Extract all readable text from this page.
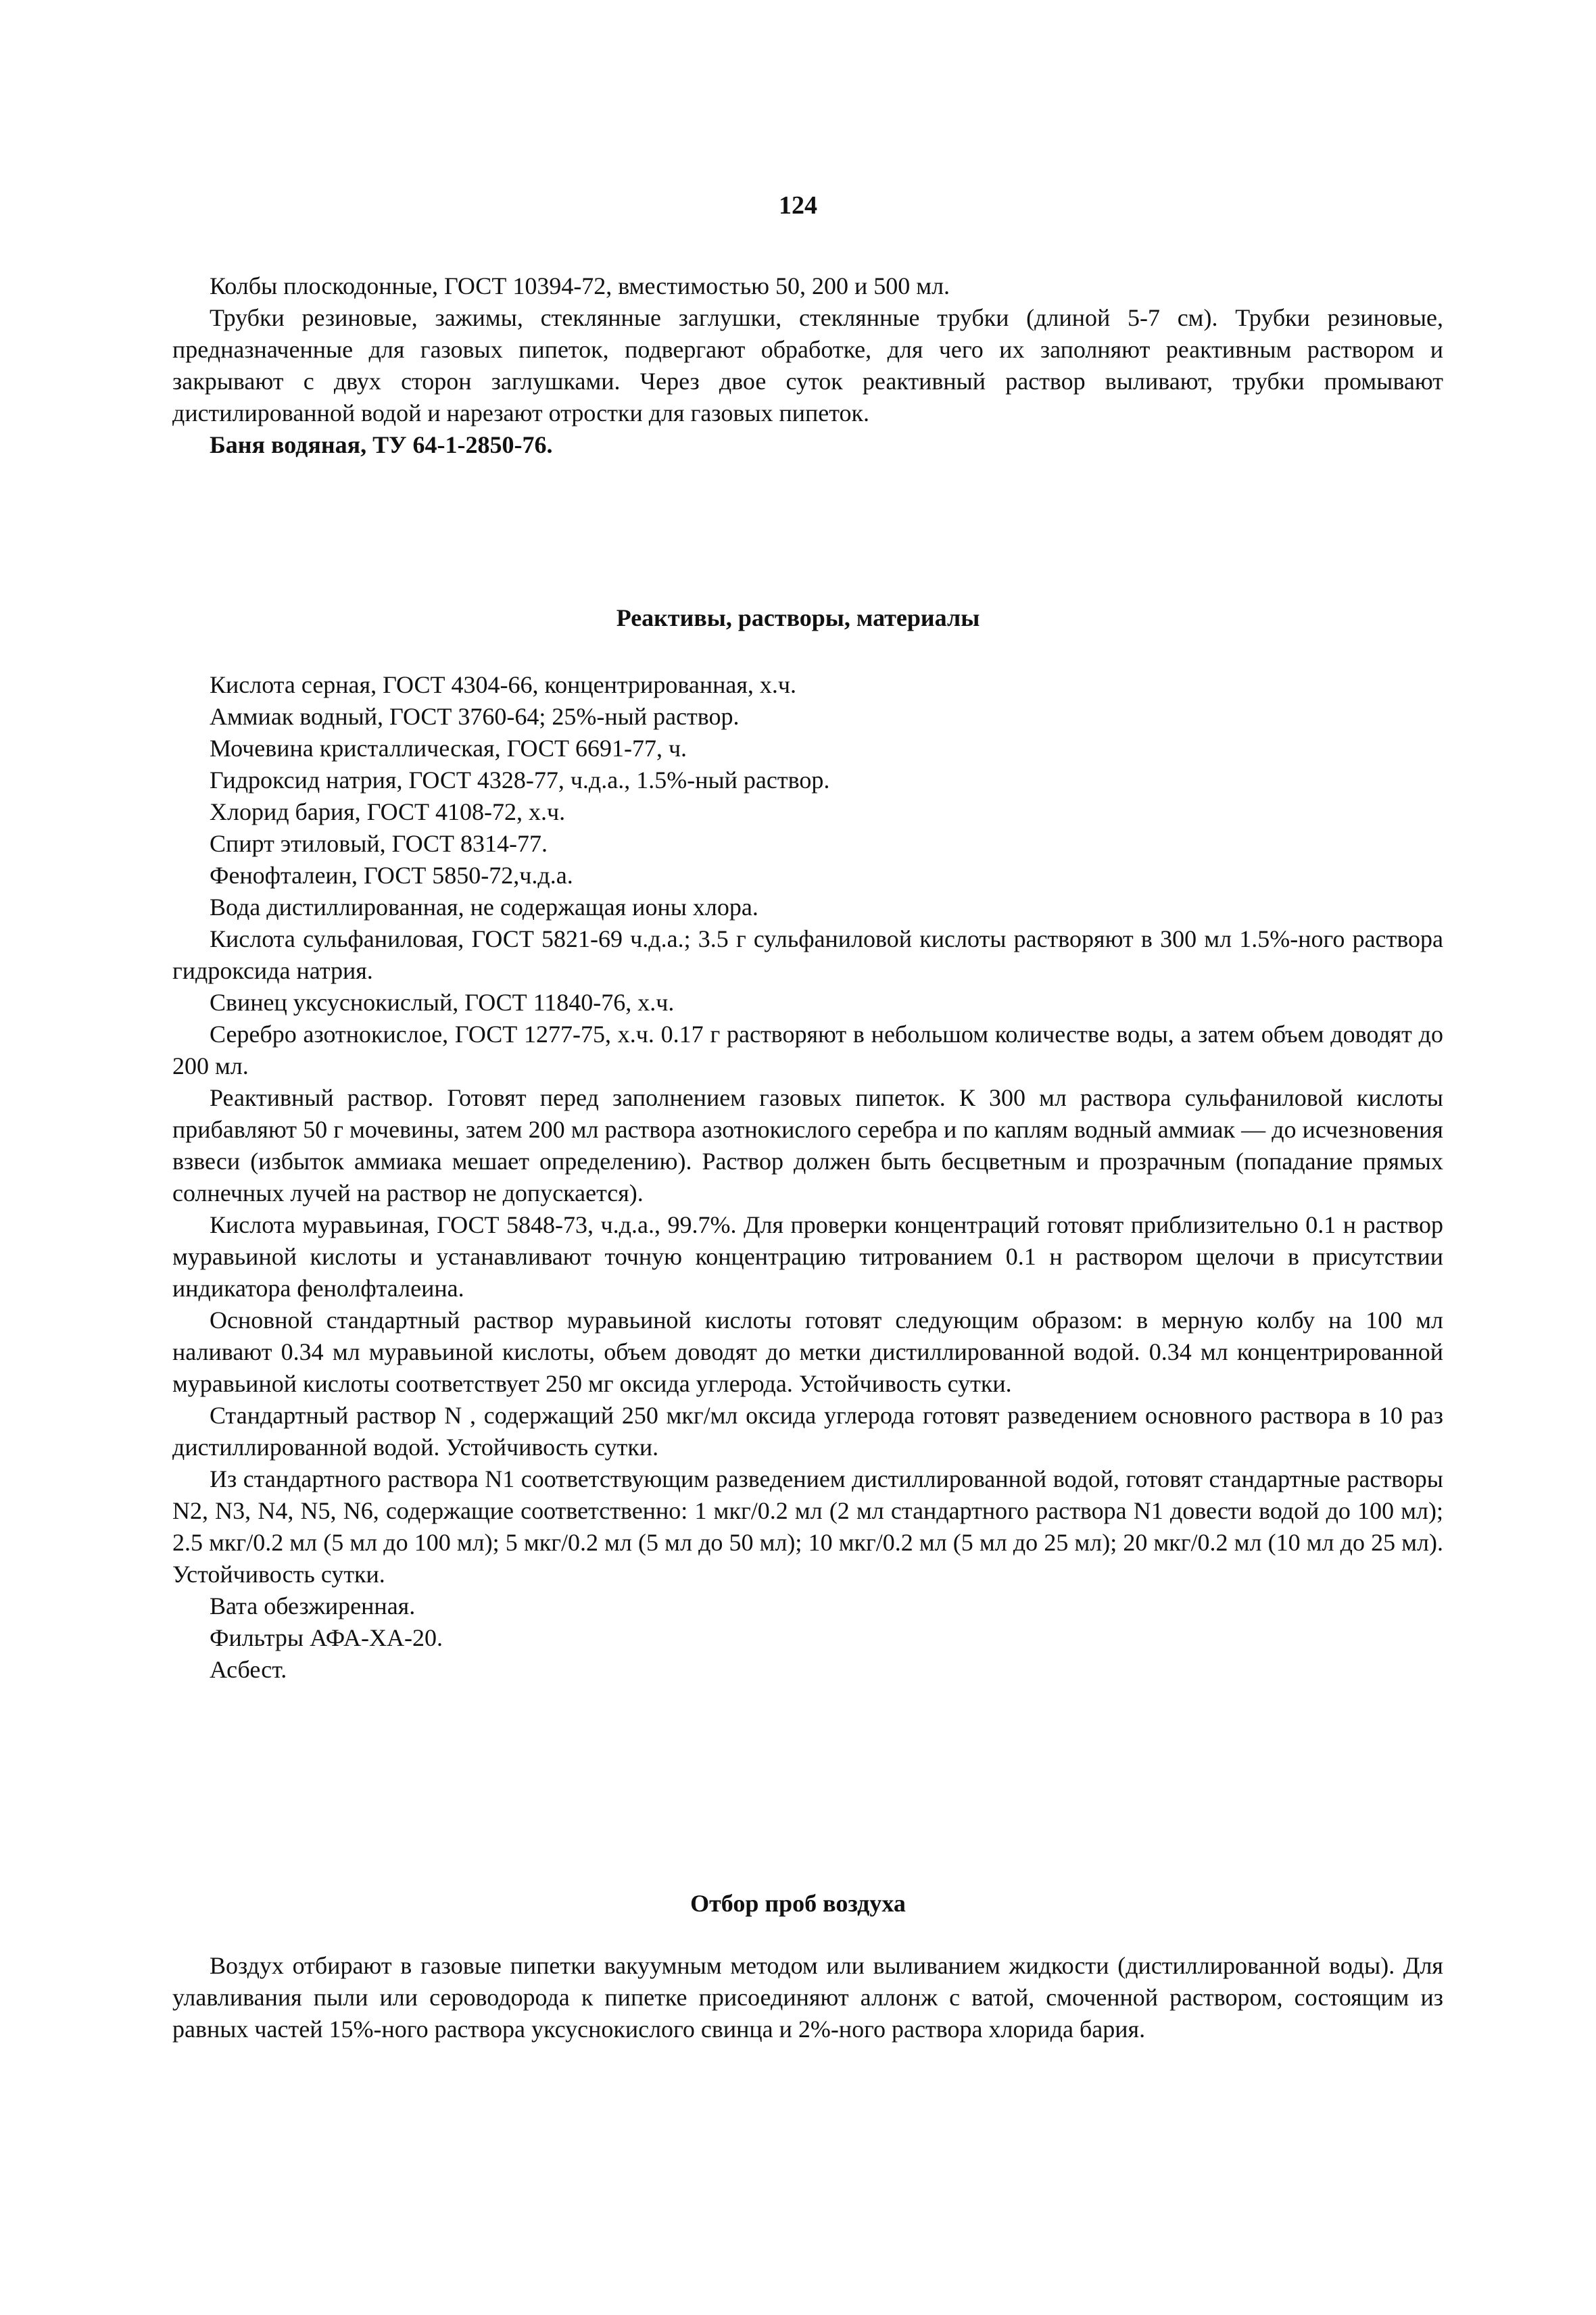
124

Колбы плоскодонные, ГОСТ 10394-72, вместимостью 50, 200 и 500 мл.

Трубки резиновые, зажимы, стеклянные заглушки, стеклянные трубки (длиной 5-7 см). Трубки резиновые, предназначенные для газовых пипеток, подвергают обработке, для чего их заполняют реактивным раствором и закрывают с двух сторон заглушками. Через двое суток реактивный раствор выливают, трубки промывают дистилированной водой и нарезают отростки для газовых пипеток.

Баня водяная, ТУ 64-1-2850-76.

Реактивы, растворы, материалы

Кислота серная, ГОСТ 4304-66, концентрированная, х.ч.

Аммиак водный, ГОСТ 3760-64; 25%-ный раствор.

Мочевина кристаллическая, ГОСТ 6691-77, ч.

Гидроксид натрия, ГОСТ 4328-77, ч.д.а., 1.5%-ный раствор.

Хлорид бария, ГОСТ 4108-72, х.ч.

Спирт этиловый, ГОСТ 8314-77.

Фенофталеин, ГОСТ 5850-72,ч.д.а.

Вода дистиллированная, не содержащая ионы хлора.

Кислота сульфаниловая, ГОСТ 5821-69 ч.д.а.; 3.5 г сульфаниловой кислоты растворяют в 300 мл 1.5%-ного раствора гидроксида натрия.

Свинец уксуснокислый, ГОСТ 11840-76, х.ч.

Серебро азотнокислое, ГОСТ 1277-75, х.ч. 0.17 г растворяют в небольшом количестве воды, а затем объем доводят до 200 мл.

Реактивный раствор. Готовят перед заполнением газовых пипеток. К 300 мл раствора сульфаниловой кислоты прибавляют 50 г мочевины, затем 200 мл раствора азотнокислого серебра и по каплям водный аммиак — до исчезновения взвеси (избыток аммиака мешает определению). Раствор должен быть бесцветным и прозрачным (попадание прямых солнечных лучей на раствор не допускается).

Кислота муравьиная, ГОСТ 5848-73, ч.д.а., 99.7%. Для проверки концентраций готовят приблизительно 0.1 н раствор муравьиной кислоты и устанавливают точную концентрацию титрованием 0.1 н раствором щелочи в присутствии индикатора фенолфталеина.

Основной стандартный раствор муравьиной кислоты готовят следующим образом: в мерную колбу на 100 мл наливают 0.34 мл муравьиной кислоты, объем доводят до метки дистиллированной водой. 0.34 мл концентрированной муравьиной кислоты соответствует 250 мг оксида углерода. Устойчивость сутки.

Стандартный раствор N , содержащий 250 мкг/мл оксида углерода готовят разведением основного раствора в 10 раз дистиллированной водой. Устойчивость сутки.

Из стандартного раствора N1 соответствующим разведением дистиллированной водой, готовят стандартные растворы N2, N3, N4, N5, N6, содержащие соответственно: 1 мкг/0.2 мл (2 мл стандартного раствора N1 довести водой до 100 мл); 2.5 мкг/0.2 мл (5 мл до 100 мл); 5 мкг/0.2 мл (5 мл до 50 мл); 10 мкг/0.2 мл (5 мл до 25 мл); 20 мкг/0.2 мл (10 мл до 25 мл). Устойчивость сутки.

Вата обезжиренная.

Фильтры АФА-ХА-20.

Асбест.

Отбор проб воздуха

Воздух отбирают в газовые пипетки вакуумным методом или выливанием жидкости (дистиллированной воды). Для улавливания пыли или сероводорода к пипетке присоединяют аллонж с ватой, смоченной раствором, состоящим из равных частей 15%-ного раствора уксуснокислого свинца и 2%-ного раствора хлорида бария.
